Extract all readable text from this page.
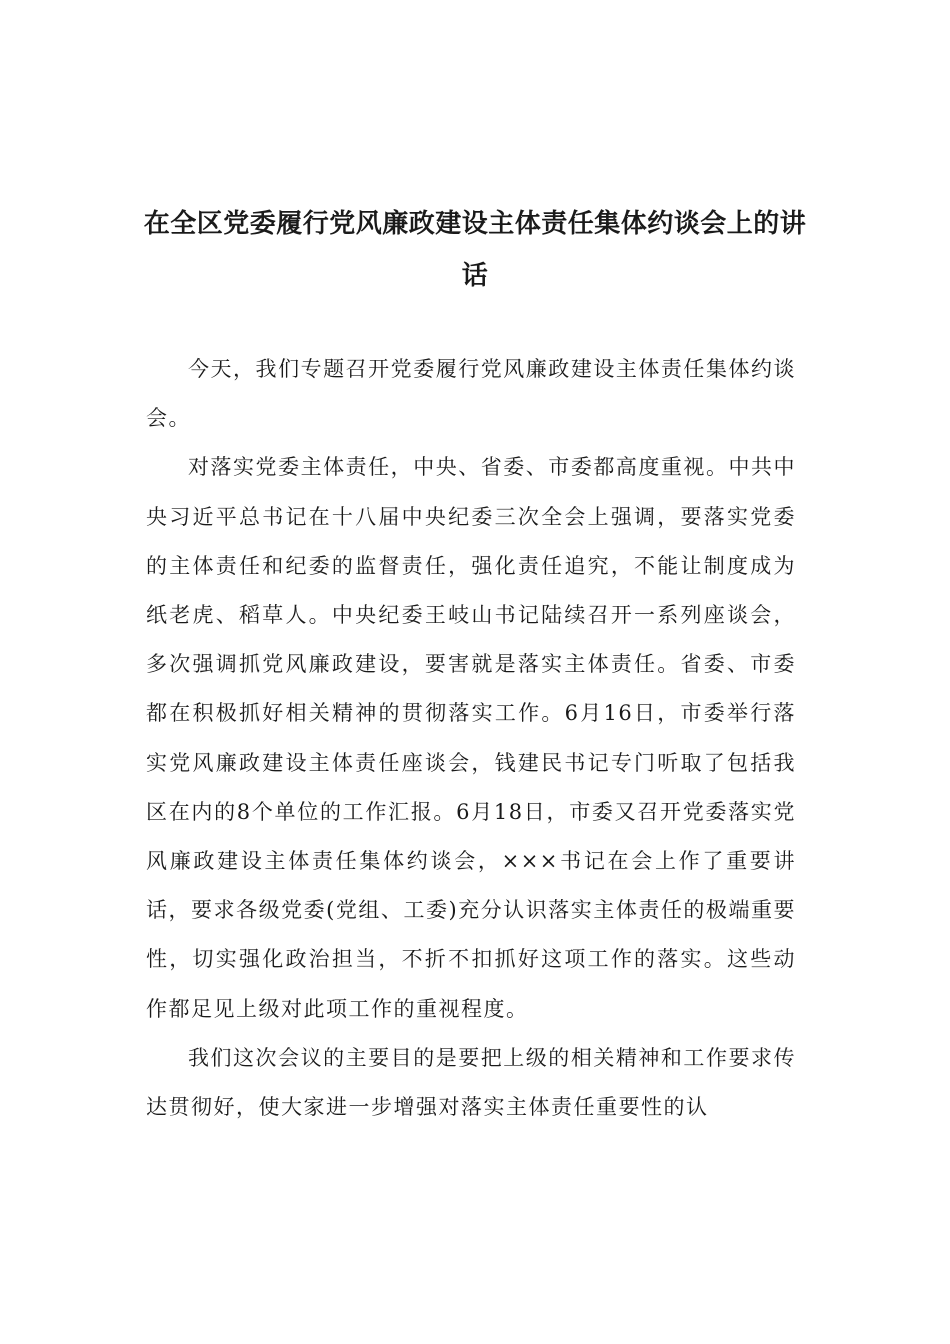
在全区党委履行党风廉政建设主体责任集体约谈会上的讲话

今天，我们专题召开党委履行党风廉政建设主体责任集体约谈会。

对落实党委主体责任，中央、省委、市委都高度重视。中共中央习近平总书记在十八届中央纪委三次全会上强调，要落实党委的主体责任和纪委的监督责任，强化责任追究，不能让制度成为纸老虎、稻草人。中央纪委王岐山书记陆续召开一系列座谈会，多次强调抓党风廉政建设，要害就是落实主体责任。省委、市委都在积极抓好相关精神的贯彻落实工作。6月16日，市委举行落实党风廉政建设主体责任座谈会，钱建民书记专门听取了包括我区在内的8个单位的工作汇报。6月18日，市委又召开党委落实党风廉政建设主体责任集体约谈会，×××书记在会上作了重要讲话，要求各级党委(党组、工委)充分认识落实主体责任的极端重要性，切实强化政治担当，不折不扣抓好这项工作的落实。这些动作都足见上级对此项工作的重视程度。

我们这次会议的主要目的是要把上级的相关精神和工作要求传达贯彻好，使大家进一步增强对落实主体责任重要性的认
